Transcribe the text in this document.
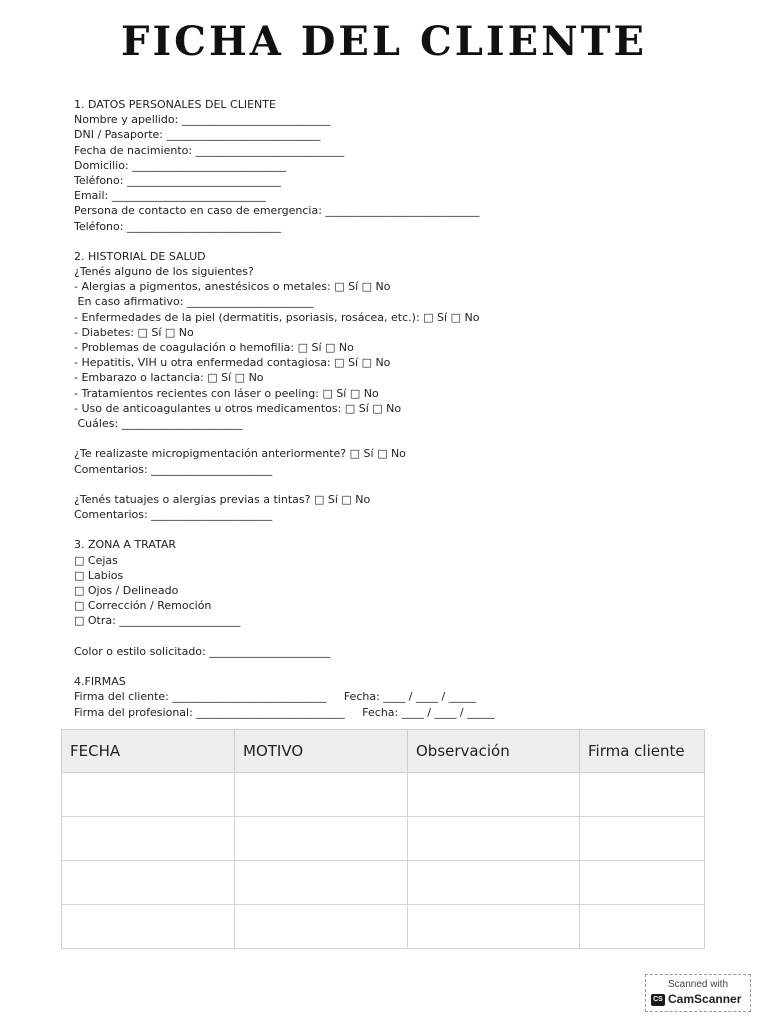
FICHA DEL CLIENTE
1. DATOS PERSONALES DEL CLIENTE
Nombre y apellido: ___________________________
DNI / Pasaporte: ____________________________
Fecha de nacimiento: ___________________________
Domicilio: ____________________________
Teléfono: ____________________________
Email: ____________________________
Persona de contacto en caso de emergencia: ____________________________
Teléfono: ____________________________
2. HISTORIAL DE SALUD
¿Tenés alguno de los siguientes?
- Alergias a pigmentos, anestésicos o metales: □ Sí □ No
En caso afirmativo: _______________________
- Enfermedades de la piel (dermatitis, psoriasis, rosácea, etc.): □ Sí □ No
- Diabetes: □ Sí □ No
- Problemas de coagulación o hemofilia: □ Sí □ No
- Hepatitis, VIH u otra enfermedad contagiosa: □ Sí □ No
- Embarazo o lactancia: □ Sí □ No
- Tratamientos recientes con láser o peeling: □ Sí □ No
- Uso de anticoagulantes u otros medicamentos: □ Sí □ No
Cuáles: ______________________
¿Te realizaste micropigmentación anteriormente? □ Sí □ No
Comentarios: ______________________
¿Tenés tatuajes o alergias previas a tintas? □ Sí □ No
Comentarios: ______________________
3. ZONA A TRATAR
□ Cejas
□ Labios
□ Ojos / Delineado
□ Corrección / Remoción
□ Otra: ______________________
Color o estilo solicitado: ______________________
4.FIRMAS
Firma del cliente: ____________________________     Fecha: ____ / ____ / _____
Firma del profesional: ___________________________     Fecha: ____ / ____ / _____
FECHA	MOTIVO	Observación	Firma cliente

Scanned with
CS CamScanner
